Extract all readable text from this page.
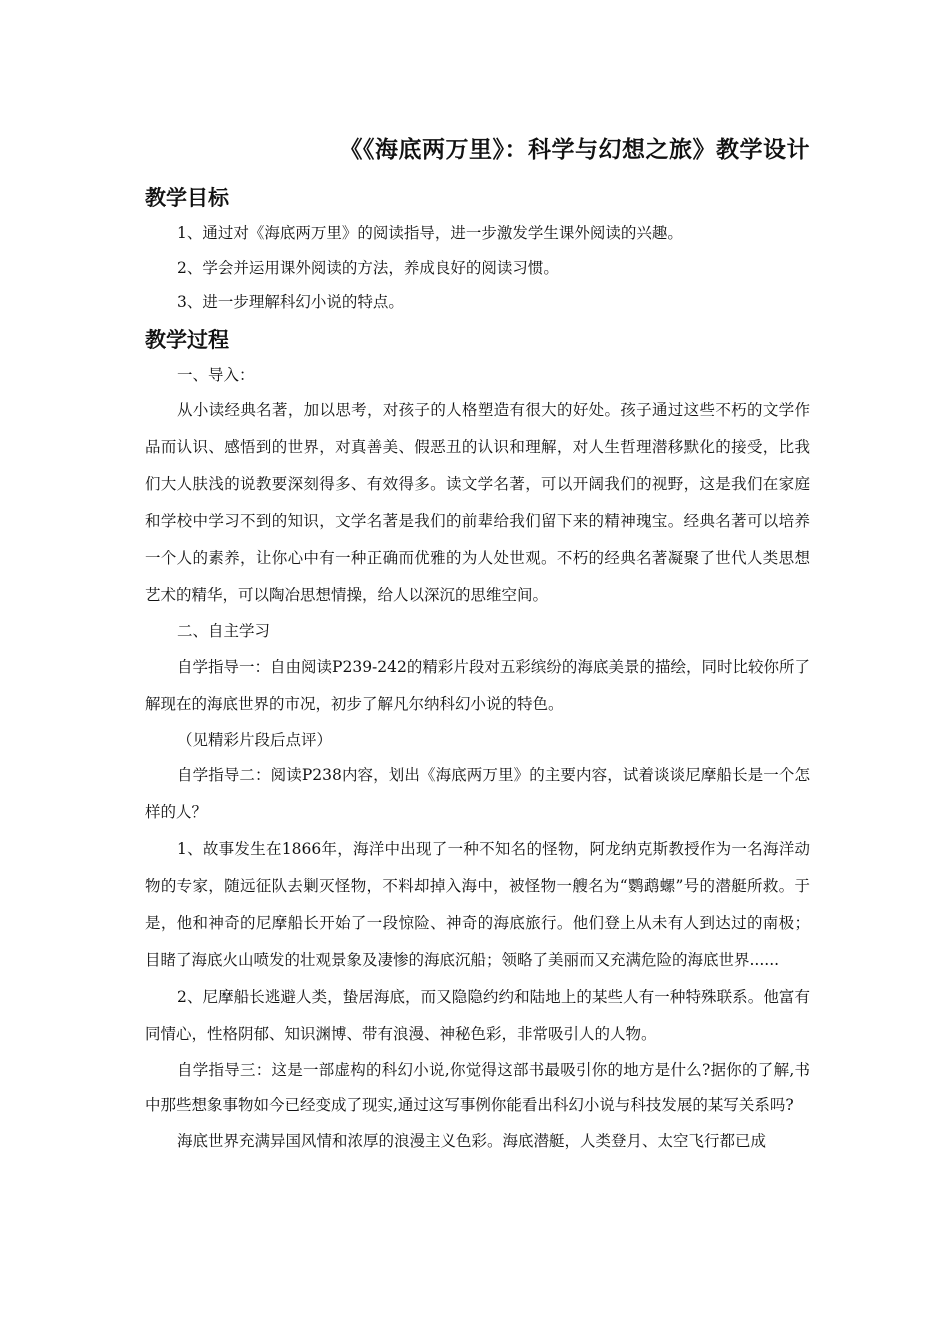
《《海底两万里》：科学与幻想之旅》教学设计
教学目标

1、通过对《海底两万里》的阅读指导，进一步激发学生课外阅读的兴趣。

2、学会并运用课外阅读的方法，养成良好的阅读习惯。

3、进一步理解科幻小说的特点。

教学过程

一、导入：

从小读经典名著，加以思考，对孩子的人格塑造有很大的好处。孩子通过这些不朽的文学作品而认识、感悟到的世界，对真善美、假恶丑的认识和理解，对人生哲理潜移默化的接受，比我们大人肤浅的说教要深刻得多、有效得多。读文学名著，可以开阔我们的视野，这是我们在家庭和学校中学习不到的知识，文学名著是我们的前辈给我们留下来的精神瑰宝。经典名著可以培养一个人的素养，让你心中有一种正确而优雅的为人处世观。不朽的经典名著凝聚了世代人类思想艺术的精华，可以陶冶思想情操，给人以深沉的思维空间。

二、自主学习

自学指导一：自由阅读P239-242的精彩片段对五彩缤纷的海底美景的描绘，同时比较你所了解现在的海底世界的市况，初步了解凡尔纳科幻小说的特色。

（见精彩片段后点评）

自学指导二：阅读P238内容，划出《海底两万里》的主要内容，试着谈谈尼摩船长是一个怎样的人？

1、故事发生在1866年，海洋中出现了一种不知名的怪物，阿龙纳克斯教授作为一名海洋动物的专家，随远征队去剿灭怪物，不料却掉入海中，被怪物一艘名为“鹦鹉螺”号的潜艇所救。于是，他和神奇的尼摩船长开始了一段惊险、神奇的海底旅行。他们登上从未有人到达过的南极；目睹了海底火山喷发的壮观景象及凄惨的海底沉船；领略了美丽而又充满危险的海底世界......

2、尼摩船长逃避人类，蛰居海底，而又隐隐约约和陆地上的某些人有一种特殊联系。他富有同情心，性格阴郁、知识渊博、带有浪漫、神秘色彩，非常吸引人的人物。

自学指导三：这是一部虚构的科幻小说,你觉得这部书最吸引你的地方是什么?据你的了解,书中那些想象事物如今已经变成了现实,通过这写事例你能看出科幻小说与科技发展的某写关系吗?

海底世界充满异国风情和浓厚的浪漫主义色彩。海底潜艇，人类登月、太空飞行都已成
